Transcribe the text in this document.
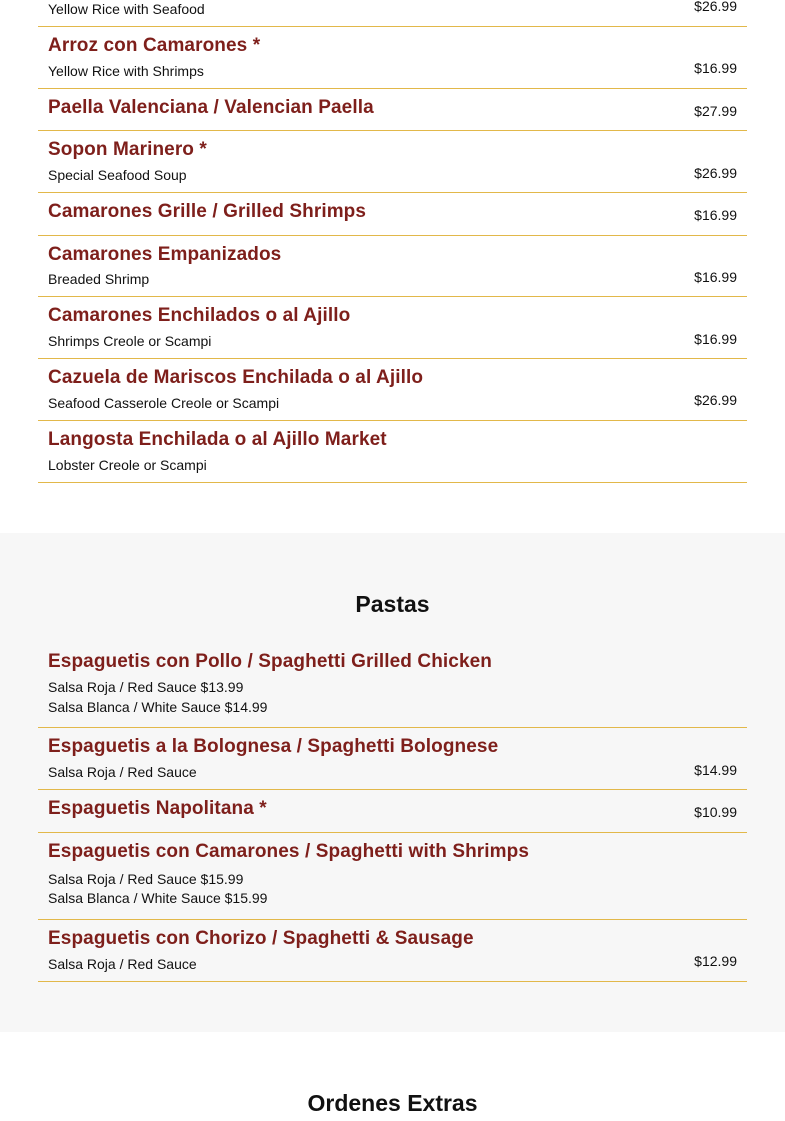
Yellow Rice with Seafood	$26.99
Arroz con Camarones *
Yellow Rice with Shrimps	$16.99
Paella Valenciana / Valencian Paella	$27.99
Sopon Marinero *
Special Seafood Soup	$26.99
Camarones Grille / Grilled Shrimps	$16.99
Camarones Empanizados
Breaded Shrimp	$16.99
Camarones Enchilados o al Ajillo
Shrimps Creole or Scampi	$16.99
Cazuela de Mariscos Enchilada o al Ajillo
Seafood Casserole Creole or Scampi	$26.99
Langosta Enchilada o al Ajillo Market
Lobster Creole or Scampi
Pastas
Espaguetis con Pollo / Spaghetti Grilled Chicken
Salsa Roja / Red Sauce $13.99
Salsa Blanca / White Sauce $14.99
Espaguetis a la Bolognesa / Spaghetti Bolognese
Salsa Roja / Red Sauce	$14.99
Espaguetis Napolitana *	$10.99
Espaguetis con Camarones / Spaghetti with Shrimps
Salsa Roja / Red Sauce $15.99
Salsa Blanca / White Sauce $15.99
Espaguetis con Chorizo / Spaghetti & Sausage
Salsa Roja / Red Sauce	$12.99
Ordenes Extras
